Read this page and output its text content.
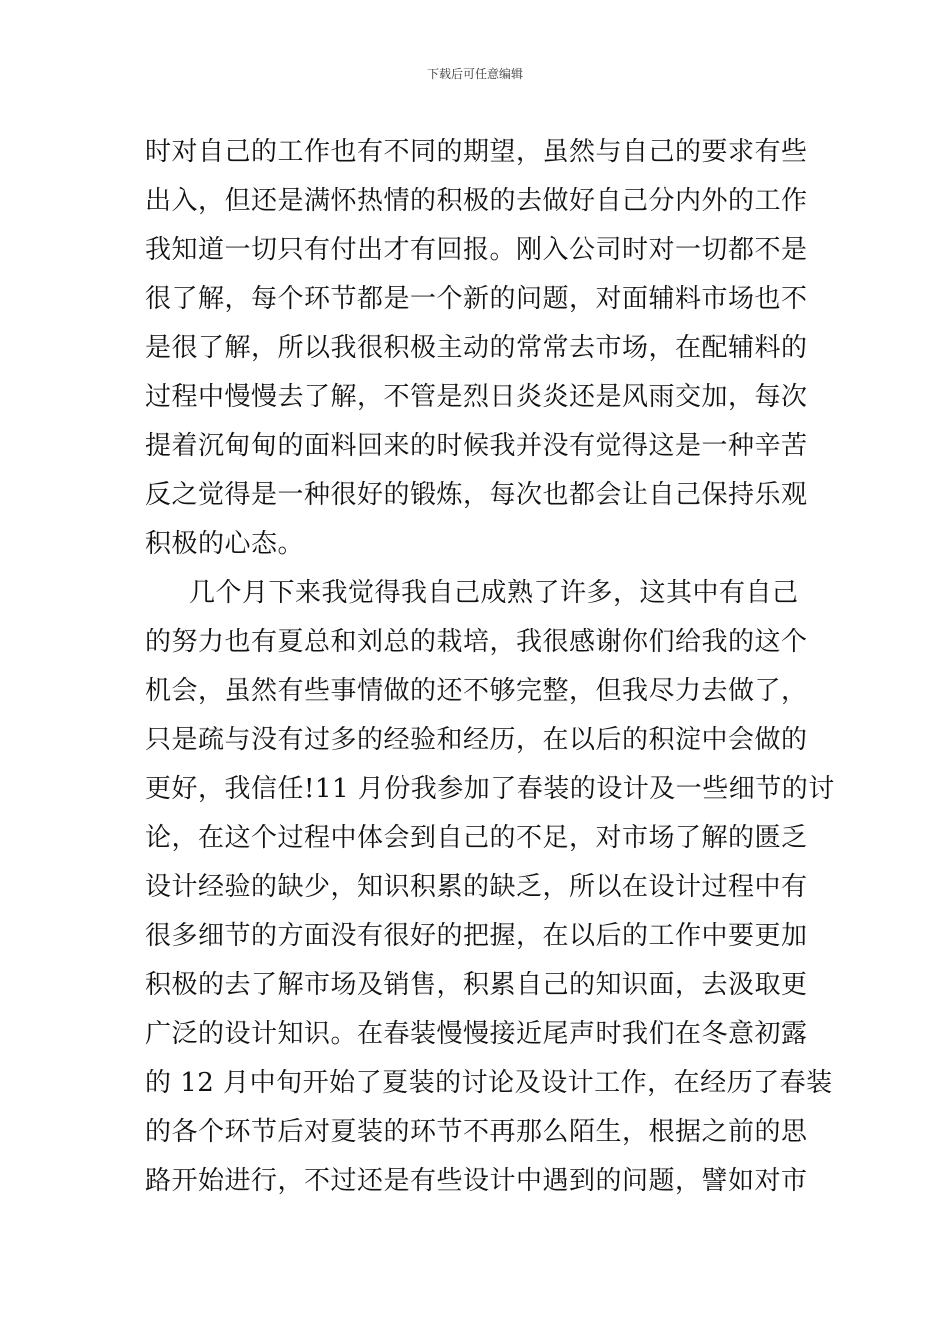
下载后可任意编辑
时对自己的工作也有不同的期望，虽然与自己的要求有些
出入，但还是满怀热情的积极的去做好自己分内外的工作
我知道一切只有付出才有回报。刚入公司时对一切都不是
很了解，每个环节都是一个新的问题，对面辅料市场也不
是很了解，所以我很积极主动的常常去市场，在配辅料的
过程中慢慢去了解，不管是烈日炎炎还是风雨交加，每次
提着沉甸甸的面料回来的时候我并没有觉得这是一种辛苦
反之觉得是一种很好的锻炼，每次也都会让自己保持乐观
积极的心态。
几个月下来我觉得我自己成熟了许多，这其中有自己
的努力也有夏总和刘总的栽培，我很感谢你们给我的这个
机会，虽然有些事情做的还不够完整，但我尽力去做了，
只是疏与没有过多的经验和经历，在以后的积淀中会做的
更好，我信任!11 月份我参加了春装的设计及一些细节的讨
论，在这个过程中体会到自己的不足，对市场了解的匮乏
设计经验的缺少，知识积累的缺乏，所以在设计过程中有
很多细节的方面没有很好的把握，在以后的工作中要更加
积极的去了解市场及销售，积累自己的知识面，去汲取更
广泛的设计知识。在春装慢慢接近尾声时我们在冬意初露
的 12 月中旬开始了夏装的讨论及设计工作，在经历了春装
的各个环节后对夏装的环节不再那么陌生，根据之前的思
路开始进行，不过还是有些设计中遇到的问题，譬如对市
